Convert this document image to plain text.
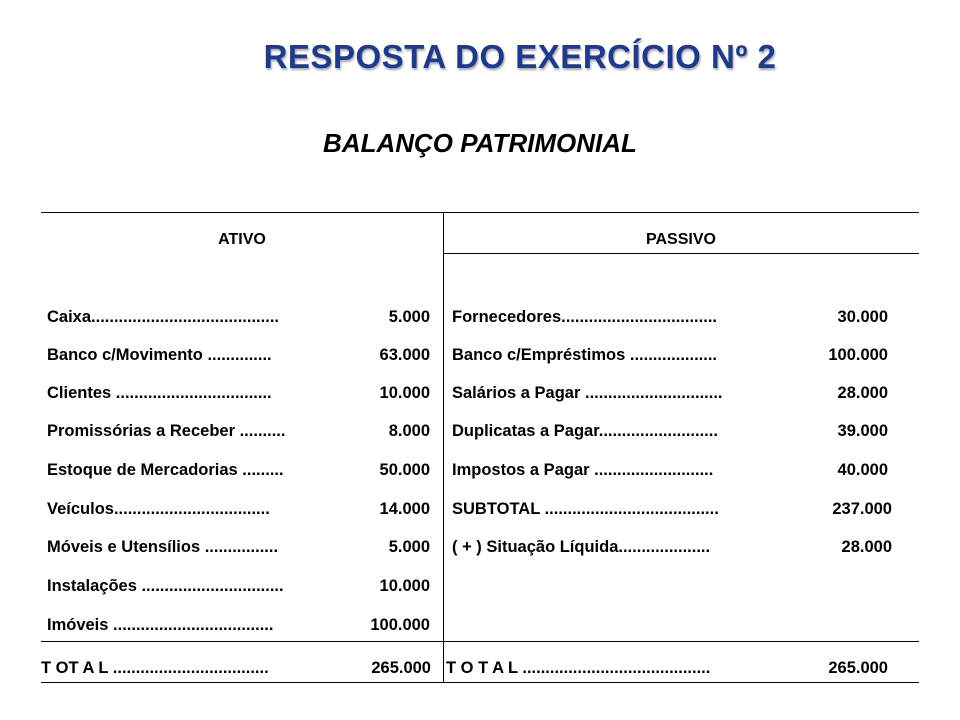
RESPOSTA DO EXERCÍCIO Nº 2
BALANÇO PATRIMONIAL
ATIVO	PASSIVO
Caixa.........................................	5.000
Banco c/Movimento ..............	63.000
Clientes ..................................	10.000
Promissórias a Receber ..........	8.000
Estoque de Mercadorias .........	50.000
Veículos..................................	14.000
Móveis e Utensílios ................	5.000
Instalações ...............................	10.000
Imóveis ...................................	100.000
Fornecedores..................................	30.000
Banco c/Empréstimos ...................	100.000
Salários a Pagar ..............................	28.000
Duplicatas a Pagar..........................	39.000
Impostos a Pagar ..........................	40.000
SUBTOTAL ......................................	237.000
( + ) Situação Líquida....................	28.000
T OT A L ..................................	265.000 T O T A L .........................................	265.000
